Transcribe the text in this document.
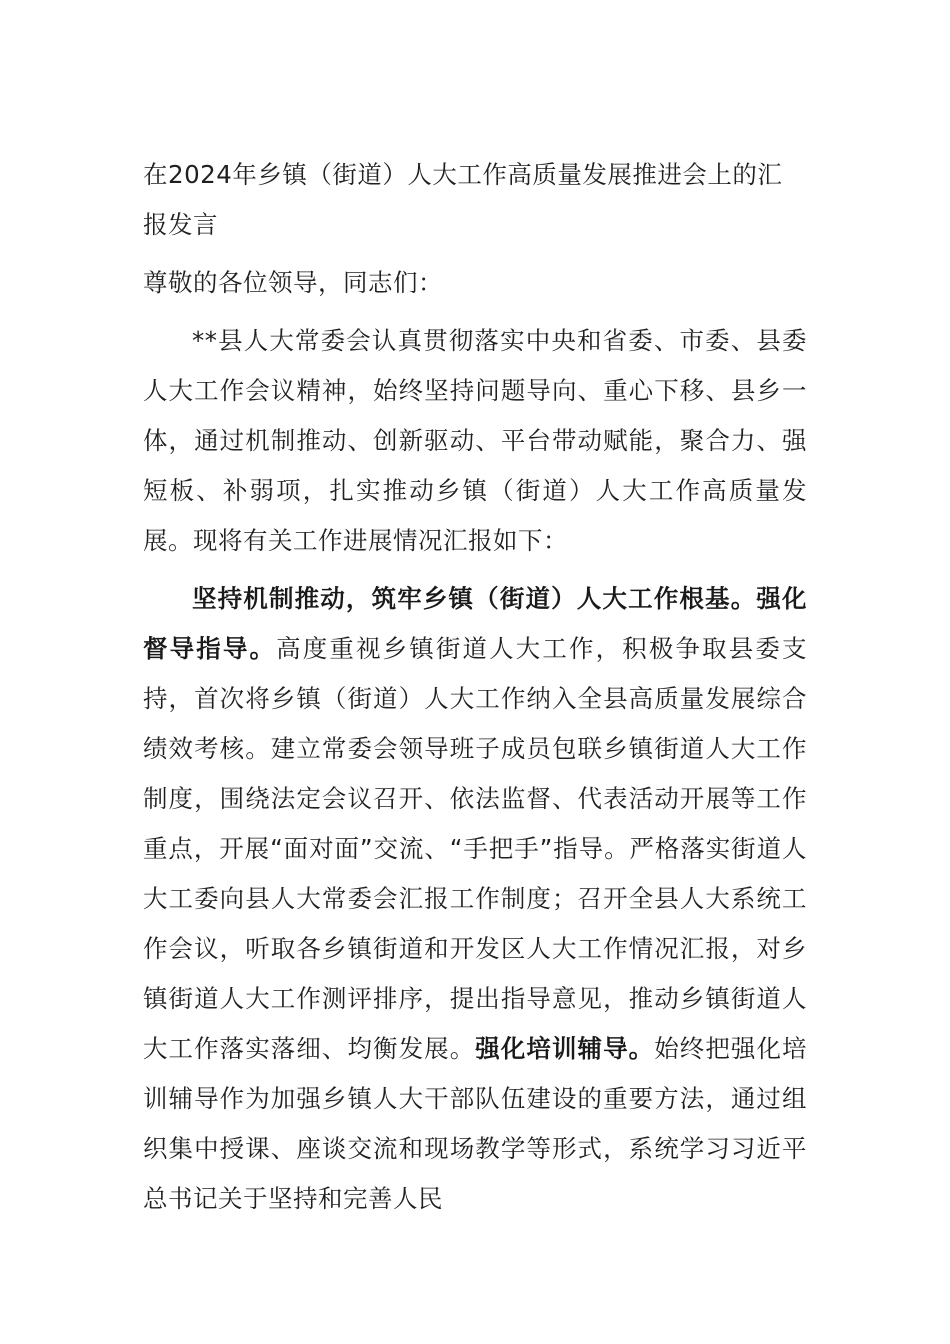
在2024年乡镇（街道）人大工作高质量发展推进会上的汇报发言
尊敬的各位领导，同志们：

**县人大常委会认真贯彻落实中央和省委、市委、县委人大工作会议精神，始终坚持问题导向、重心下移、县乡一体，通过机制推动、创新驱动、平台带动赋能，聚合力、强短板、补弱项，扎实推动乡镇（街道）人大工作高质量发展。现将有关工作进展情况汇报如下：

坚持机制推动，筑牢乡镇（街道）人大工作根基。强化督导指导。高度重视乡镇街道人大工作，积极争取县委支持，首次将乡镇（街道）人大工作纳入全县高质量发展综合绩效考核。建立常委会领导班子成员包联乡镇街道人大工作制度，围绕法定会议召开、依法监督、代表活动开展等工作重点，开展“面对面”交流、“手把手”指导。严格落实街道人大工委向县人大常委会汇报工作制度；召开全县人大系统工作会议，听取各乡镇街道和开发区人大工作情况汇报，对乡镇街道人大工作测评排序，提出指导意见，推动乡镇街道人大工作落实落细、均衡发展。强化培训辅导。始终把强化培训辅导作为加强乡镇人大干部队伍建设的重要方法，通过组织集中授课、座谈交流和现场教学等形式，系统学习习近平总书记关于坚持和完善人民
